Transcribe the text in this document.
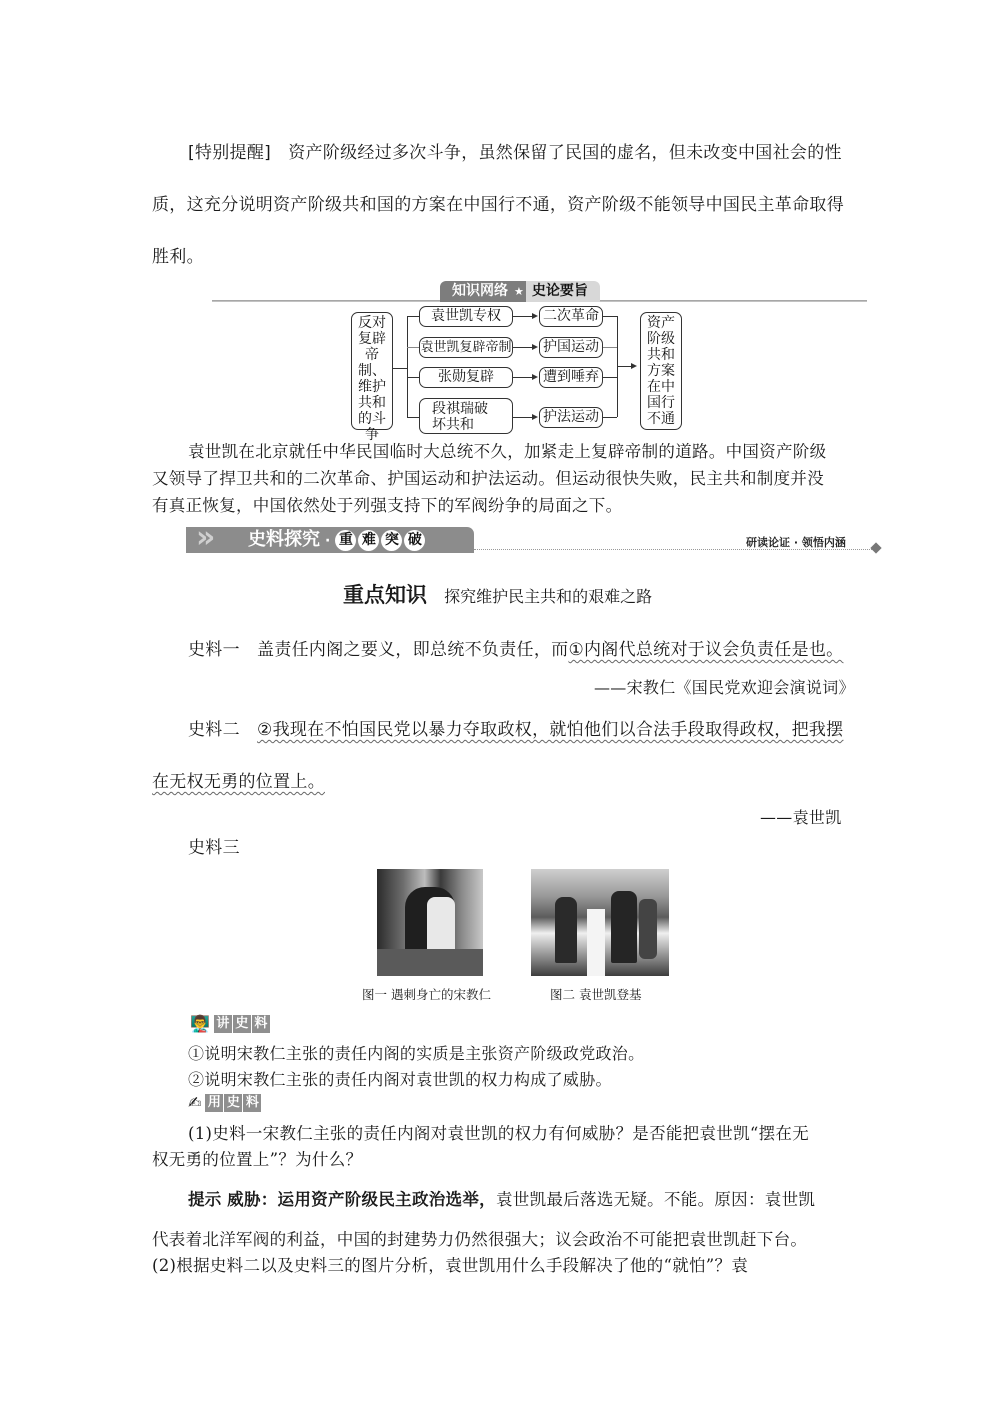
[特别提醒] 资产阶级经过多次斗争，虽然保留了民国的虚名，但未改变中国社会的性
质，这充分说明资产阶级共和国的方案在中国行不通，资产阶级不能领导中国民主革命取得
胜利。
知识网络 ★ 史论要旨
反对
复辟
帝制、
维护
共和
的斗
争
袁世凯专权
袁世凯复辟帝制
张勋复辟
段祺瑞破
坏共和
二次革命
护国运动
遭到唾弃
护法运动
资产
阶级
共和
方案
在中
国行
不通
袁世凯在北京就任中华民国临时大总统不久，加紧走上复辟帝制的道路。中国资产阶级
又领导了捍卫共和的二次革命、护国运动和护法运动。但运动很快失败，民主共和制度并没
有真正恢复，中国依然处于列强支持下的军阀纷争的局面之下。
» 史料探究 · 重 难 突 破	研读论证 · 领悟内涵
重点知识 探究维护民主共和的艰难之路
史料一 盖责任内阁之要义，即总统不负责任，而①内阁代总统对于议会负责任是也。
——宋教仁《国民党欢迎会演说词》
史料二 ②我现在不怕国民党以暴力夺取政权，就怕他们以合法手段取得政权，把我摆
在无权无勇的位置上。
——袁世凯
史料三
图一 遇刺身亡的宋教仁	图二 袁世凯登基
👨‍🏫 讲 史 料
①说明宋教仁主张的责任内阁的实质是主张资产阶级政党政治。
②说明宋教仁主张的责任内阁对袁世凯的权力构成了威胁。
✍ 用 史 料
(1)史料一宋教仁主张的责任内阁对袁世凯的权力有何威胁？是否能把袁世凯“摆在无
权无勇的位置上”？为什么？
提示 威胁：运用资产阶级民主政治选举，袁世凯最后落选无疑。不能。原因：袁世凯
代表着北洋军阀的利益，中国的封建势力仍然很强大；议会政治不可能把袁世凯赶下台。
(2)根据史料二以及史料三的图片分析，袁世凯用什么手段解决了他的“就怕”？袁
